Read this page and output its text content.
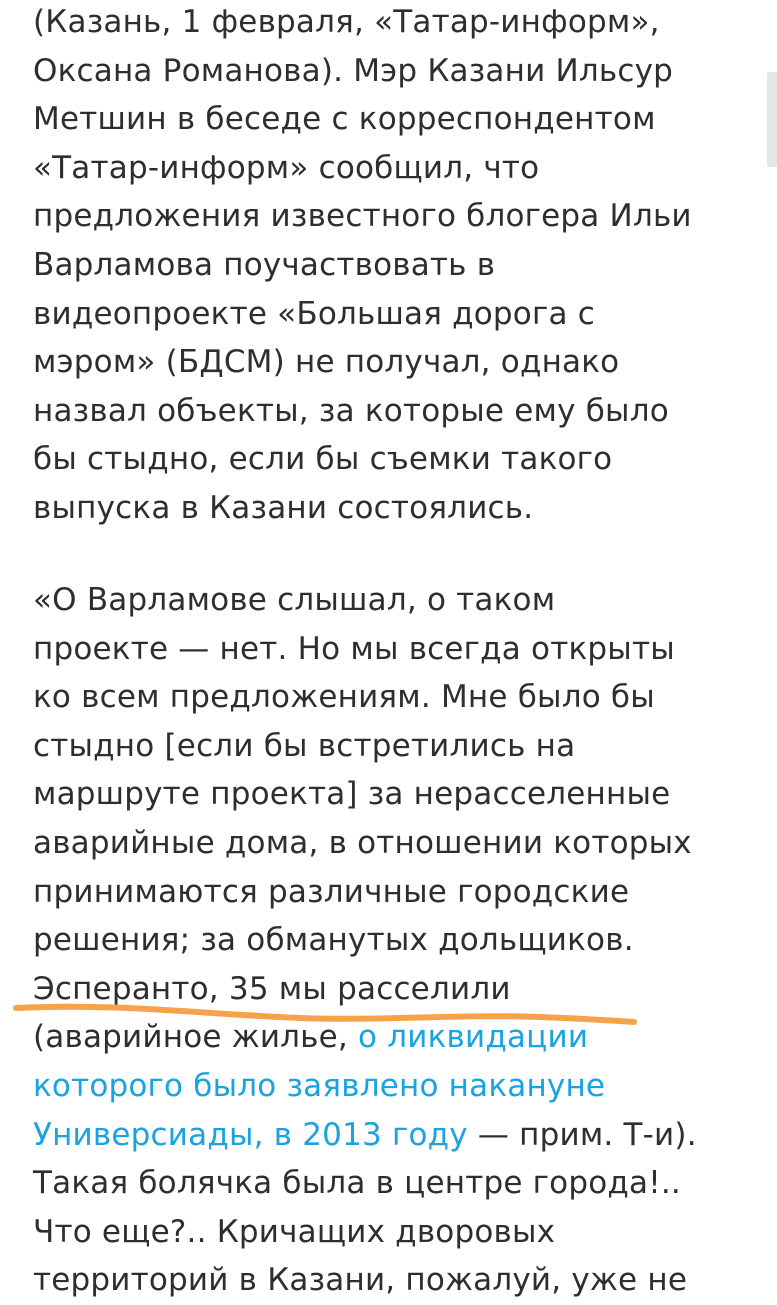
(Казань, 1 февраля, «Татар-информ»,
Оксана Романова). Мэр Казани Ильсур
Метшин в беседе с корреспондентом
«Татар-информ» сообщил, что
предложения известного блогера Ильи
Варламова поучаствовать в
видеопроекте «Большая дорога с
мэром» (БДСМ) не получал, однако
назвал объекты, за которые ему было
бы стыдно, если бы съемки такого
выпуска в Казани состоялись.
«О Варламове слышал, о таком
проекте — нет. Но мы всегда открыты
ко всем предложениям. Мне было бы
стыдно [если бы встретились на
маршруте проекта] за нерасселенные
аварийные дома, в отношении которых
принимаются различные городские
решения; за обманутых дольщиков.
Эсперанто, 35 мы расселили
(аварийное жилье, о ликвидации
которого было заявлено накануне
Универсиады, в 2013 году — прим. Т-и).
Такая болячка была в центре города!..
Что еще?.. Кричащих дворовых
территорий в Казани, пожалуй, уже не
